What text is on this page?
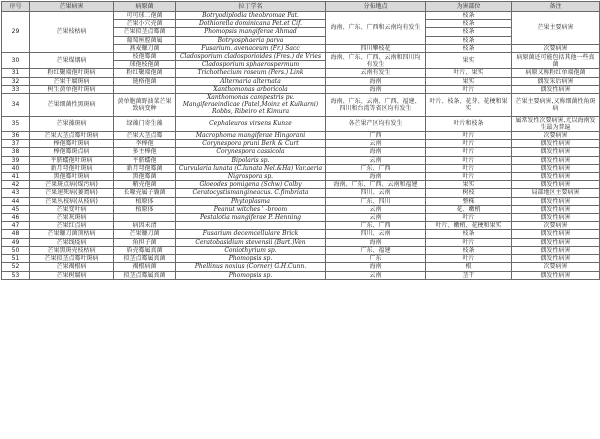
序号	芒果病害	病原菌	拉丁学名	分布地点	为害部位	备注
29	芒果枝枯病	可可球二孢菌	Botryodiplodia theobromae Pat.	海南、广东、广西和云南均有发生	枝条	芒果主要病害
		芒果小穴壳菌	Dothiorella dominicana Pet.et Cif.		枝条	
		芒果拟茎点霉菌	Phomopsis mangiferae Ahmad		枝条	
		葡萄座腔菌属	Botryosphaeria parva		枝条	
		燕麦镰刀菌	Fusarium. avenaceum (Fr.) Sacc	四川攀枝花	枝条	次要病害
30	芒果煤烟病	枝孢霉菌	Cladosporium cladosporioides (Fres.) de Vries	海南、广东、广西、云南和四川均有发生	果实	病原菌还可能包括其他一些真菌
		球孢枝孢菌	Cladosporium sphaerospermum			
31	粉红聚端孢叶斑病	粉红聚端孢菌	Trichothecium roseum (Pers.) Link	云南有发生	叶片、果实	病原又称粉红单端孢菌
32	芒果干腐斑病	链格孢菌	Alternaria alternata	海南	果实	偶发采后病害
33	树生黄单孢叶斑病		Xanthomonas arboricola	海南	叶片	偶发性病害
34	芒果细菌性黑斑病	黄单胞菌野油菜芒果致病变种	Xanthomonas campestris pv. Mangiferaeindicae (Patel,Moinz et Kulkarni) Robbs, Ribeiro et Kimura	海南、广东、云南、广西、福建、四川和台湾等省区均有发生	叶片、枝条、花芽、花梗和果实	芒果主要病害,又称细菌性角斑病
35	芒果藻斑病	绿藻门寄生藻	Cephaleuros virsens Kunze	各芒果产区均有发生	叶片和枝条	属常发性次要病害,尤以海南发生最为普遍
36	芒果大茎点霉叶斑病	芒果大茎点霉	Macrophoma mangiferae Hingorani	广西	叶片	次要病害
37	棒孢霉叶斑病	李棒孢	Corynespora pruni Berk & Curt	云南	叶片	偶发性病害
38	棒孢霉斑点病	多主棒孢	Corynespora cassicola	海南	叶片	偶发性病害
39	平脐蠕孢叶斑病	平脐蠕孢	Bipolaris sp.	云南	叶片	偶发性病害
40	新月弯孢叶斑病	新月弯孢霉菌	Curvularia lunata (C.lunata Nel.&Ha) Var.aeria	广东、广西	叶片	偶发性病害
41	黑孢霉叶斑病	黑孢霉菌	Nigrospora sp.	海南	叶片	偶发性病害
42	芒果斑点病(煤污病)	鞘壳孢菌	Gloeodes pomigena (Schw) Colby	海南、广东、广西、云南和福建	果实	偶发性病害
43	芒果速死病(萎蔫病)	长喙壳属子囊菌	Ceratocystismangineacus. C.fimbriata	四川、云南	树枝	局部地区主要病害
44	芒果丛枝病(从枝病)	植原体	Phytoplasma	广东、四川	整株	偶发性病害
45	芒果变叶病	植原体	Peanut witches ' -broom	云南	花、嫩梢	偶发性病害
46	芒果灰斑病		Pestalotia mangiferae P. Henning	云南	叶片	偶发性病害
47	芒果红点病	病因未清		广东、广西	叶片、嫩梢、花梗和果实	次要病害
48	芒果镰刀菌顶枯病	芒果镰刀菌	Fusarium decemcellulare Brick	四川、云南	枝条	偶发性病害
49	芒果线疫病	角担子菌	Ceratobasidium stevensii (Burt.)Ven	海南	叶片	偶发性病害
50	芒果黑斑壳枝枯病	盾壳霉属真菌	Coniothyrium sp.	广东、福建	枝条	偶发性病害
51	芒果拟茎点霉叶斑病	拟茎点霉属真菌	Phomopsis sp.	广东	叶片	偶发性病害
52	芒果褐根病	褐根病菌	Phellinus noxius (Corner) G.H.Cunn.	海南	根	次要病害
53	芒果树腐病	拟茎点霉属真菌	Phomopsis sp.	云南	茎干	偶发性病害
